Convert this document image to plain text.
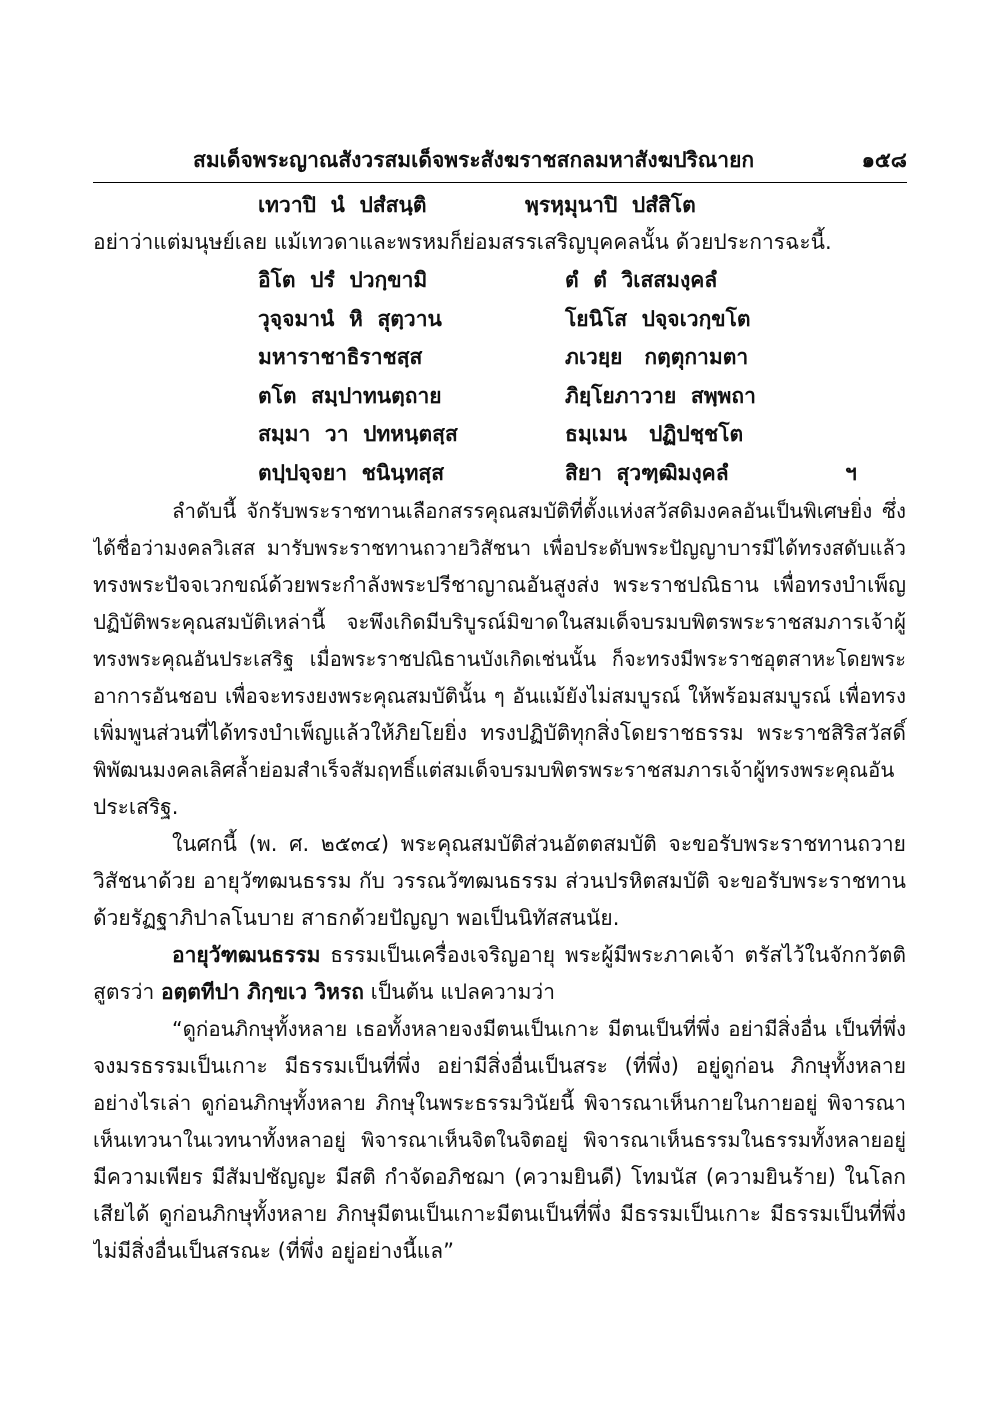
สมเด็จพระญาณสังวรสมเด็จพระสังฆราชสกลมหาสังฆปริณายก	๑๕๘
เทวาปิ  นํ  ปสํสนฺติ	พฺรหฺมุนาปิ  ปสํสิโต
อย่าว่าแต่มนุษย์เลย แม้เทวดาและพรหมก็ย่อมสรรเสริญบุคคลนั้น ด้วยประการฉะนี้.
อิโต  ปรํ  ปวกฺขามิ	ตํ  ตํ  วิเสสมงฺคลํ
วุจฺจมานํ  หิ  สุตฺวาน	โยนิโส  ปจฺจเวกฺขโต
มหาราชาธิราชสฺส	ภเวยฺย   กตฺตุกามตา
ตโต  สมฺปาทนตฺถาย	ภิยฺโยภาวาย  สพฺพถา
สมฺมา  วา  ปทหนฺตสฺส	ธมฺเมน   ปฏิปชฺชโต
ตปฺปจฺจยา  ชนินฺทสฺส	สิยา  สุวฑฺฒิมงฺคลํ	ฯ
ลำดับนี้ จักรับพระราชทานเลือกสรรคุณสมบัติที่ตั้งแห่งสวัสดิมงคลอันเป็นพิเศษยิ่ง ซึ่ง
ได้ชื่อว่ามงคลวิเสส มารับพระราชทานถวายวิสัชนา เพื่อประดับพระปัญญาบารมีได้ทรงสดับแล้ว
ทรงพระปัจจเวกขณ์ด้วยพระกำลังพระปรีชาญาณอันสูงส่ง พระราชปณิธาน เพื่อทรงบำเพ็ญ
ปฏิบัติพระคุณสมบัติเหล่านี้ จะพึงเกิดมีบริบูรณ์มิขาดในสมเด็จบรมบพิตรพระราชสมภารเจ้าผู้
ทรงพระคุณอันประเสริฐ เมื่อพระราชปณิธานบังเกิดเช่นนั้น ก็จะทรงมีพระราชอุตสาหะโดยพระ
อาการอันชอบ เพื่อจะทรงยงพระคุณสมบัตินั้น ๆ อันแม้ยังไม่สมบูรณ์ ให้พร้อมสมบูรณ์ เพื่อทรง
เพิ่มพูนส่วนที่ได้ทรงบำเพ็ญแล้วให้ภิยโยยิ่ง ทรงปฏิบัติทุกสิ่งโดยราชธรรม พระราชสิริสวัสดิ์
พิพัฒนมงคลเลิศล้ำย่อมสำเร็จสัมฤทธิ์แต่สมเด็จบรมบพิตรพระราชสมภารเจ้าผู้ทรงพระคุณอัน
ประเสริฐ.
ในศกนี้ (พ. ศ. ๒๕๓๔) พระคุณสมบัติส่วนอัตตสมบัติ จะขอรับพระราชทานถวาย
วิสัชนาด้วย อายุวัฑฒนธรรม กับ วรรณวัฑฒนธรรม ส่วนปรหิตสมบัติ จะขอรับพระราชทาน
ด้วยรัฏฐาภิปาลโนบาย สาธกด้วยปัญญา พอเป็นนิทัสสนนัย.
อายุวัฑฒนธรรม ธรรมเป็นเครื่องเจริญอายุ พระผู้มีพระภาคเจ้า ตรัสไว้ในจักกวัตติ
สูตรว่า อตฺตทีปา ภิกฺขเว วิหรถ เป็นต้น แปลความว่า
“ดูก่อนภิกษุทั้งหลาย เธอทั้งหลายจงมีตนเป็นเกาะ มีตนเป็นที่พึ่ง อย่ามีสิ่งอื่น เป็นที่พึ่ง
จงมรธรรมเป็นเกาะ มีธรรมเป็นที่พึ่ง อย่ามีสิ่งอื่นเป็นสระ (ที่พึ่ง) อยู่ดูก่อน ภิกษุทั้งหลาย
อย่างไรเล่า ดูก่อนภิกษุทั้งหลาย ภิกษุในพระธรรมวินัยนี้ พิจารณาเห็นกายในกายอยู่ พิจารณา
เห็นเทวนาในเวทนาทั้งหลาอยู่ พิจารณาเห็นจิตในจิตอยู่ พิจารณาเห็นธรรมในธรรมทั้งหลายอยู่
มีความเพียร มีสัมปชัญญะ มีสติ กำจัดอภิชฌา (ความยินดี) โทมนัส (ความยินร้าย) ในโลก
เสียได้ ดูก่อนภิกษุทั้งหลาย ภิกษุมีตนเป็นเกาะมีตนเป็นที่พึ่ง มีธรรมเป็นเกาะ มีธรรมเป็นที่พึ่ง
ไม่มีสิ่งอื่นเป็นสรณะ (ที่พึ่ง อยู่อย่างนี้แล”
